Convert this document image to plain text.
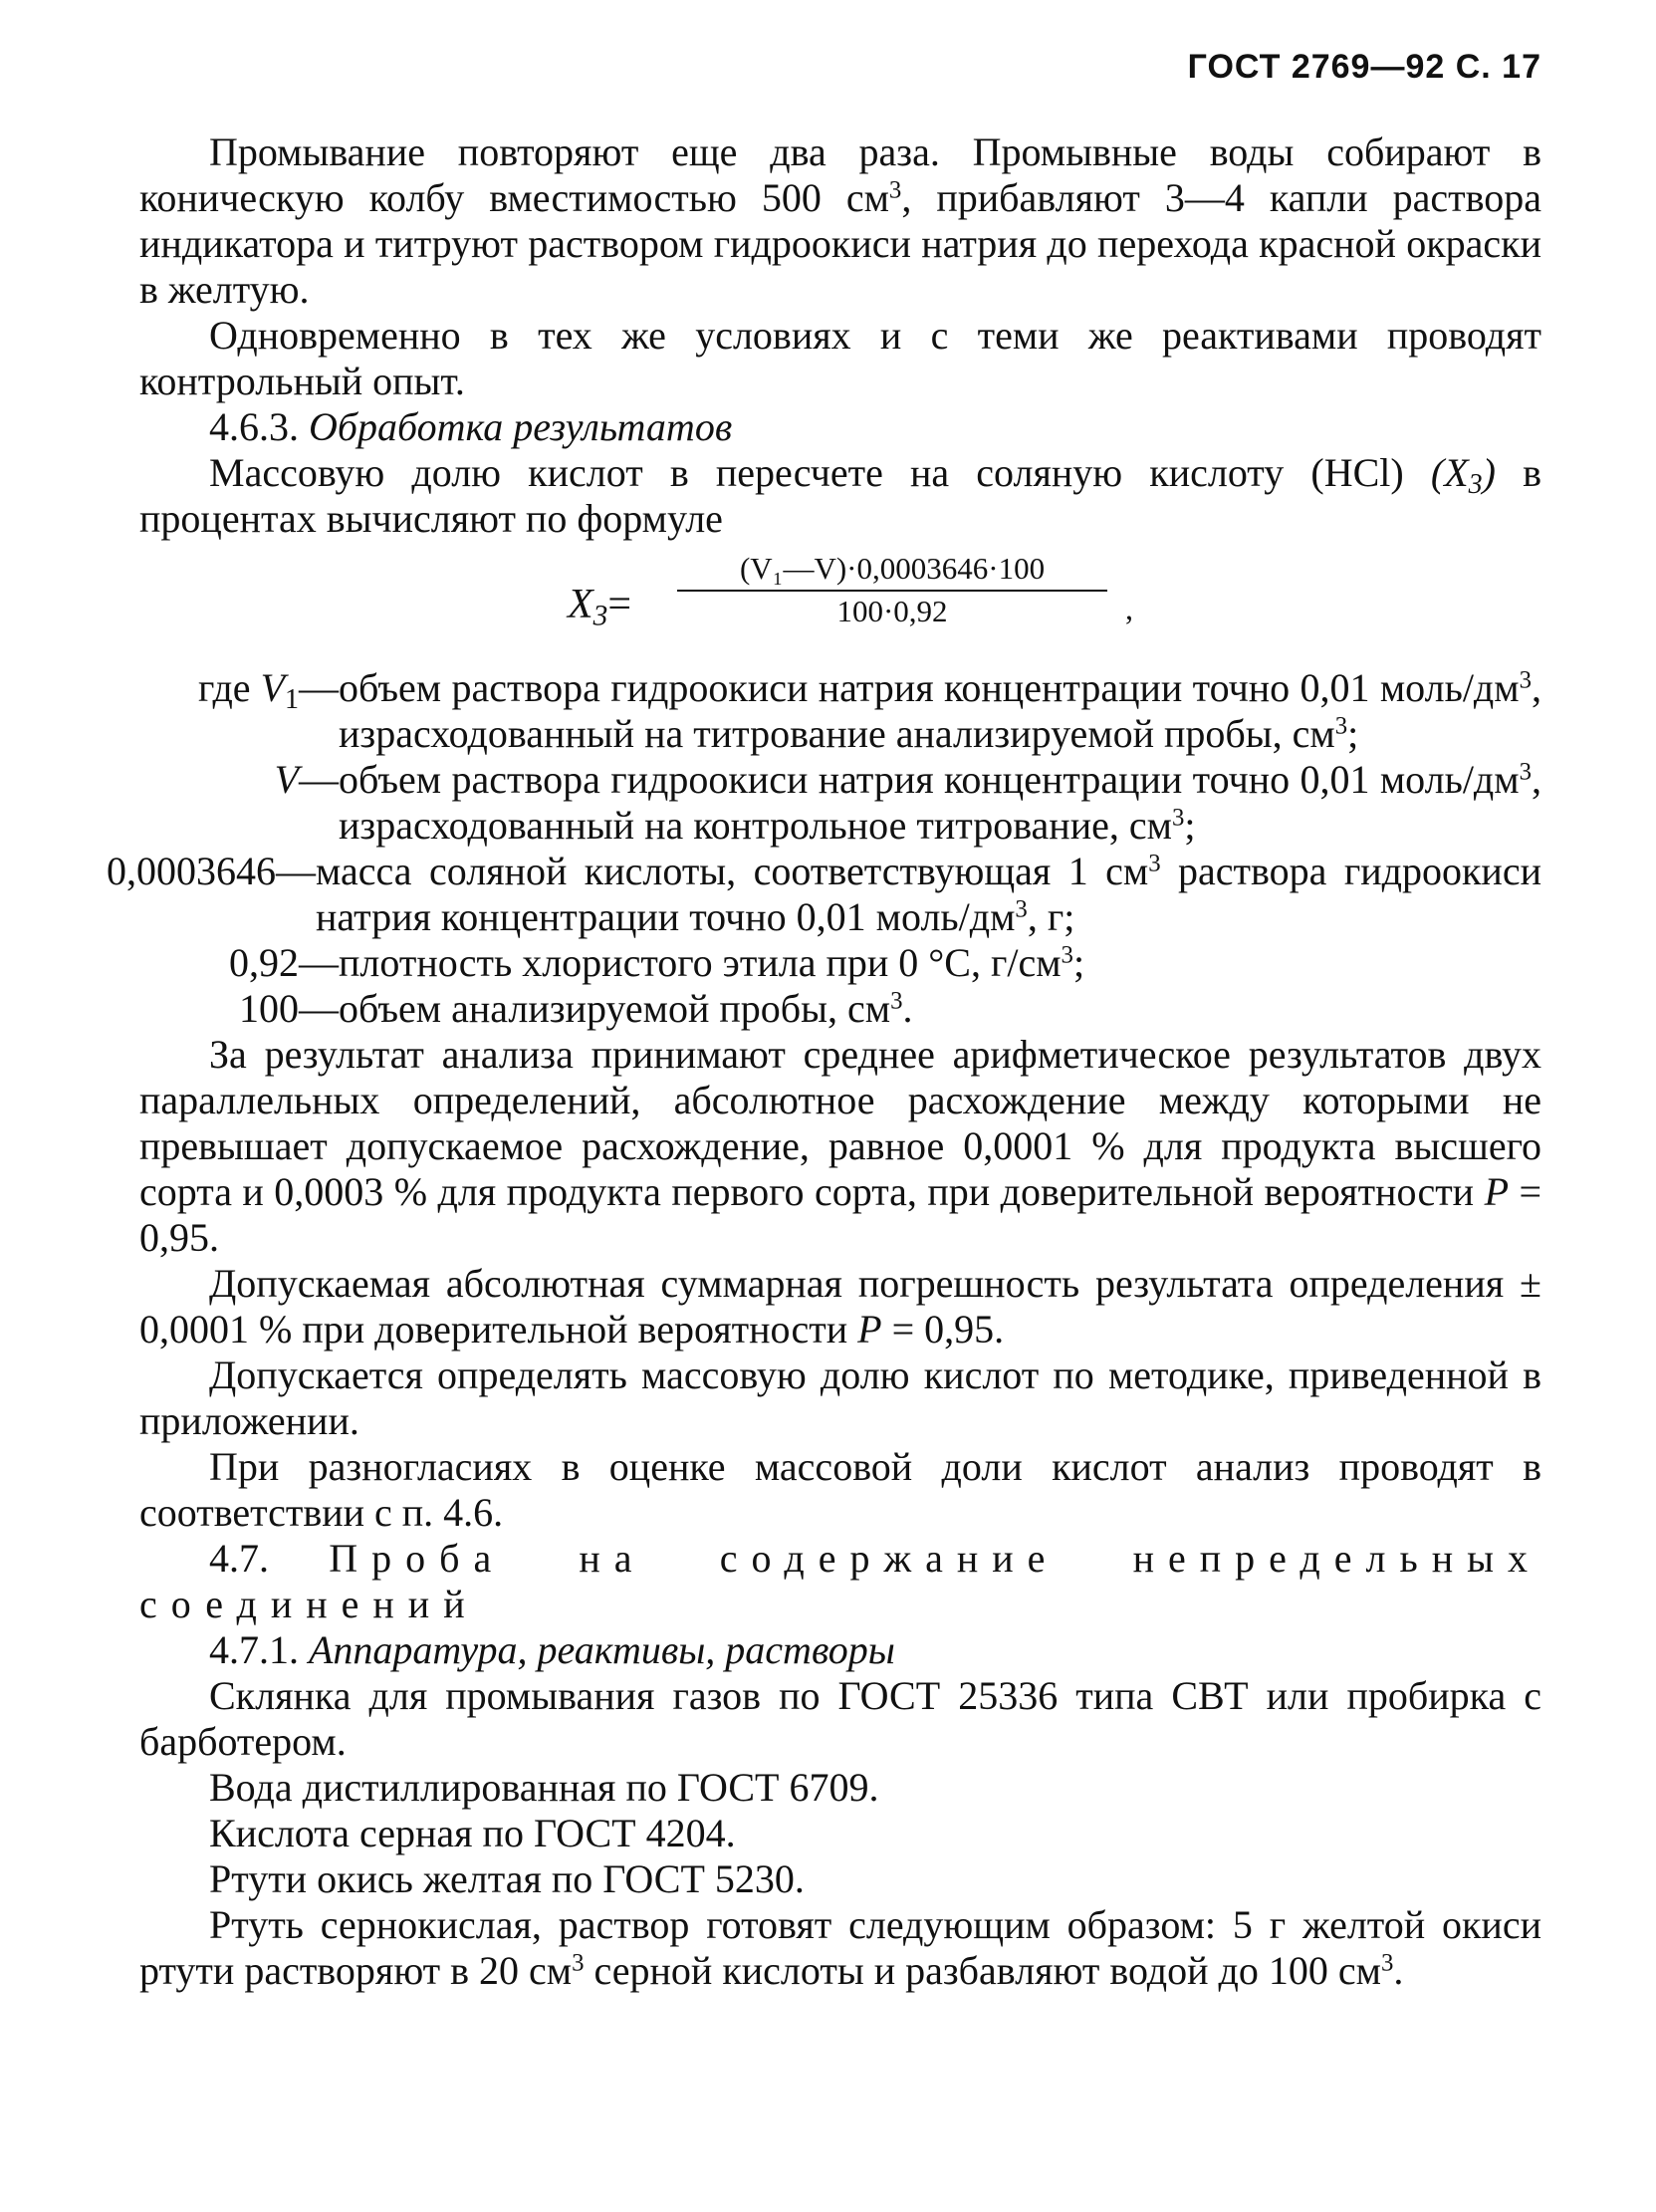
ГОСТ 2769—92 С. 17

Промывание повторяют еще два раза. Промывные воды собирают в коническую колбу вместимостью 500 $см^3$, прибавляют 3—4 капли раствора индикатора и титруют раствором гидроокиси натрия до перехода красной окраски в желтую.

Одновременно в тех же условиях и с теми же реактивами проводят контрольный опыт.

4.6.3. Обработка результатов

Массовую долю кислот в пересчете на соляную кислоту (HCl) $(X_3)$ в процентах вычисляют по формуле

$X_3= \frac{\text{(V₁—V)·0,0003646·100}}{100\cdot 0,92}$ ,
где $V_1$ — объем раствора гидроокиси натрия концентрации точно 0,01 моль/$дм^3$, израсходованный на титрование анализируемой пробы, $см^3$;
V — объем раствора гидроокиси натрия концентрации точно 0,01 моль/$дм^3$, израсходованный на контрольное титрование, $см^3$;
0,0003646 — масса соляной кислоты, соответствующая 1 $см^3$ раствора гидроокиси натрия концентрации точно 0,01 моль/$дм^3$, г;
0,92 — плотность хлористого этила при 0 °С, $г/см^3$;
100 — объем анализируемой пробы, $см^3$.

За результат анализа принимают среднее арифметическое результатов двух параллельных определений, абсолютное расхождение между которыми не превышает допускаемое расхождение, равное 0,0001 % для продукта высшего сорта и 0,0003 % для продукта первого сорта, при доверительной вероятности P = 0,95.

Допускаемая абсолютная суммарная погрешность результата определения ± 0,0001 % при доверительной вероятности P = 0,95.

Допускается определять массовую долю кислот по методике, приведенной в приложении.

При разногласиях в оценке массовой доли кислот анализ проводят в соответствии с п. 4.6.

4.7. Проба на содержание непредельных соединений

4.7.1. Аппаратура, реактивы, растворы

Склянка для промывания газов по ГОСТ 25336 типа СВТ или пробирка с барботером.

Вода дистиллированная по ГОСТ 6709.

Кислота серная по ГОСТ 4204.

Ртути окись желтая по ГОСТ 5230.

Ртуть сернокислая, раствор готовят следующим образом: 5 г желтой окиси ртути растворяют в 20 $см^3$ серной кислоты и разбавляют водой до 100 $см^3$.
